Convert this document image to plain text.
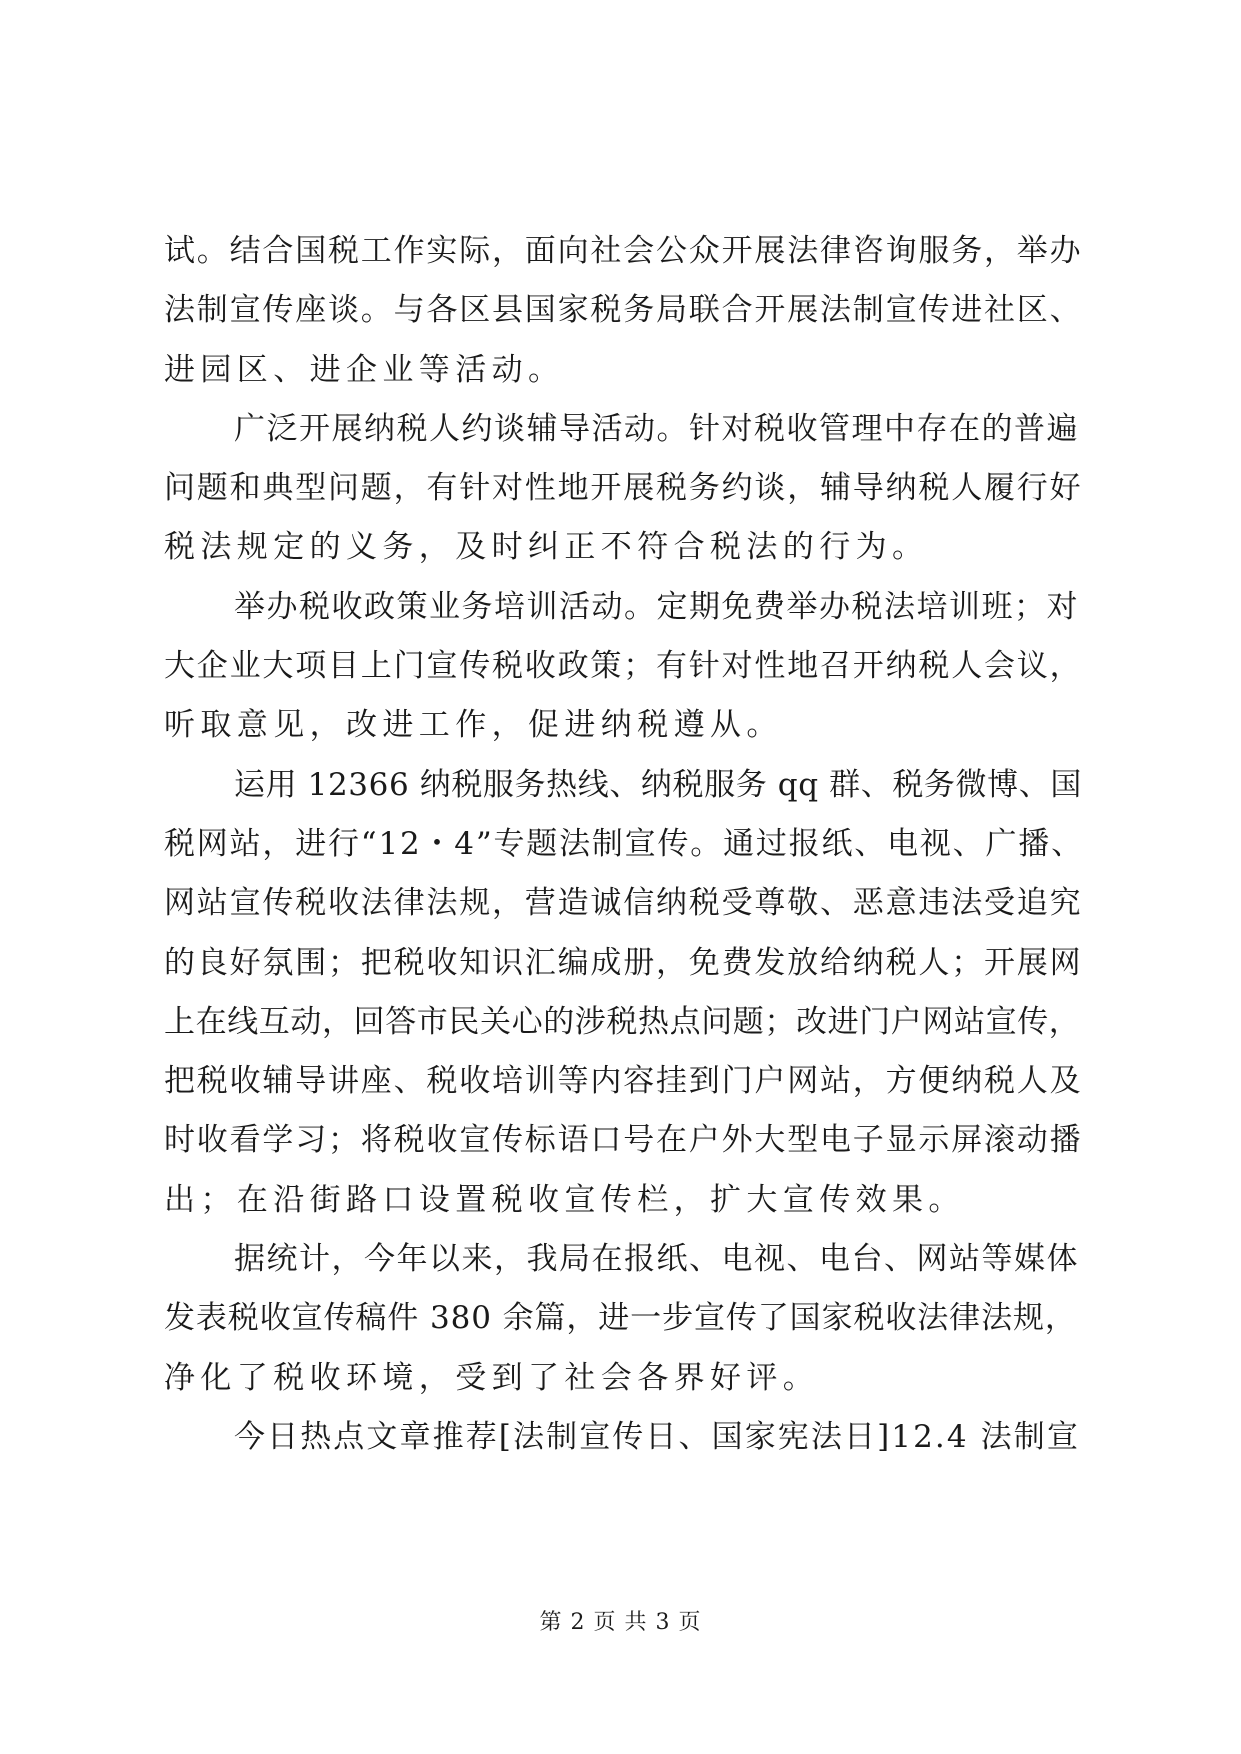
试。结合国税工作实际，面向社会公众开展法律咨询服务，举办
法制宣传座谈。与各区县国家税务局联合开展法制宣传进社区、
进园区、进企业等活动。
广泛开展纳税人约谈辅导活动。针对税收管理中存在的普遍
问题和典型问题，有针对性地开展税务约谈，辅导纳税人履行好
税法规定的义务，及时纠正不符合税法的行为。
举办税收政策业务培训活动。定期免费举办税法培训班；对
大企业大项目上门宣传税收政策；有针对性地召开纳税人会议，
听取意见，改进工作，促进纳税遵从。
运用 12366 纳税服务热线、纳税服务 qq 群、税务微博、国
税网站，进行“12・4”专题法制宣传。通过报纸、电视、广播、
网站宣传税收法律法规，营造诚信纳税受尊敬、恶意违法受追究
的良好氛围；把税收知识汇编成册，免费发放给纳税人；开展网
上在线互动，回答市民关心的涉税热点问题；改进门户网站宣传，
把税收辅导讲座、税收培训等内容挂到门户网站，方便纳税人及
时收看学习；将税收宣传标语口号在户外大型电子显示屏滚动播
出；在沿街路口设置税收宣传栏，扩大宣传效果。
据统计，今年以来，我局在报纸、电视、电台、网站等媒体
发表税收宣传稿件 380 余篇，进一步宣传了国家税收法律法规，
净化了税收环境，受到了社会各界好评。
今日热点文章推荐[法制宣传日、国家宪法日]12.4 法制宣
第 2 页 共 3 页
